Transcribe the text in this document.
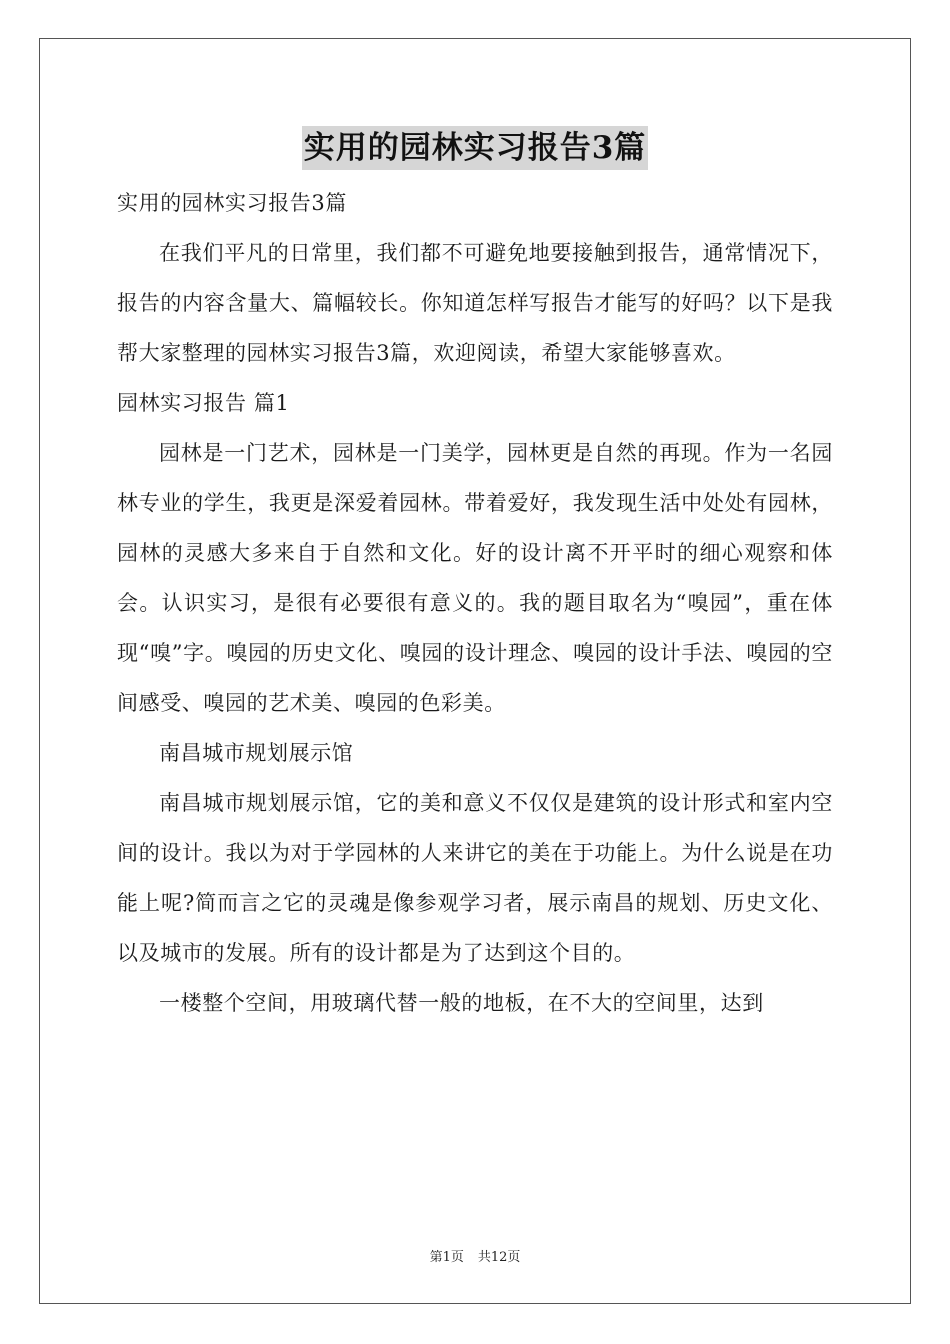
实用的园林实习报告3篇
实用的园林实习报告3篇

在我们平凡的日常里，我们都不可避免地要接触到报告，通常情况下，报告的内容含量大、篇幅较长。你知道怎样写报告才能写的好吗？以下是我帮大家整理的园林实习报告3篇，欢迎阅读，希望大家能够喜欢。

园林实习报告 篇1

园林是一门艺术，园林是一门美学，园林更是自然的再现。作为一名园林专业的学生，我更是深爱着园林。带着爱好，我发现生活中处处有园林，园林的灵感大多来自于自然和文化。好的设计离不开平时的细心观察和体会。认识实习，是很有必要很有意义的。我的题目取名为“嗅园”，重在体现“嗅”字。嗅园的历史文化、嗅园的设计理念、嗅园的设计手法、嗅园的空间感受、嗅园的艺术美、嗅园的色彩美。

南昌城市规划展示馆

南昌城市规划展示馆，它的美和意义不仅仅是建筑的设计形式和室内空间的设计。我以为对于学园林的人来讲它的美在于功能上。为什么说是在功能上呢?简而言之它的灵魂是像参观学习者，展示南昌的规划、历史文化、以及城市的发展。所有的设计都是为了达到这个目的。

一楼整个空间，用玻璃代替一般的地板，在不大的空间里，达到

第1页 共12页
